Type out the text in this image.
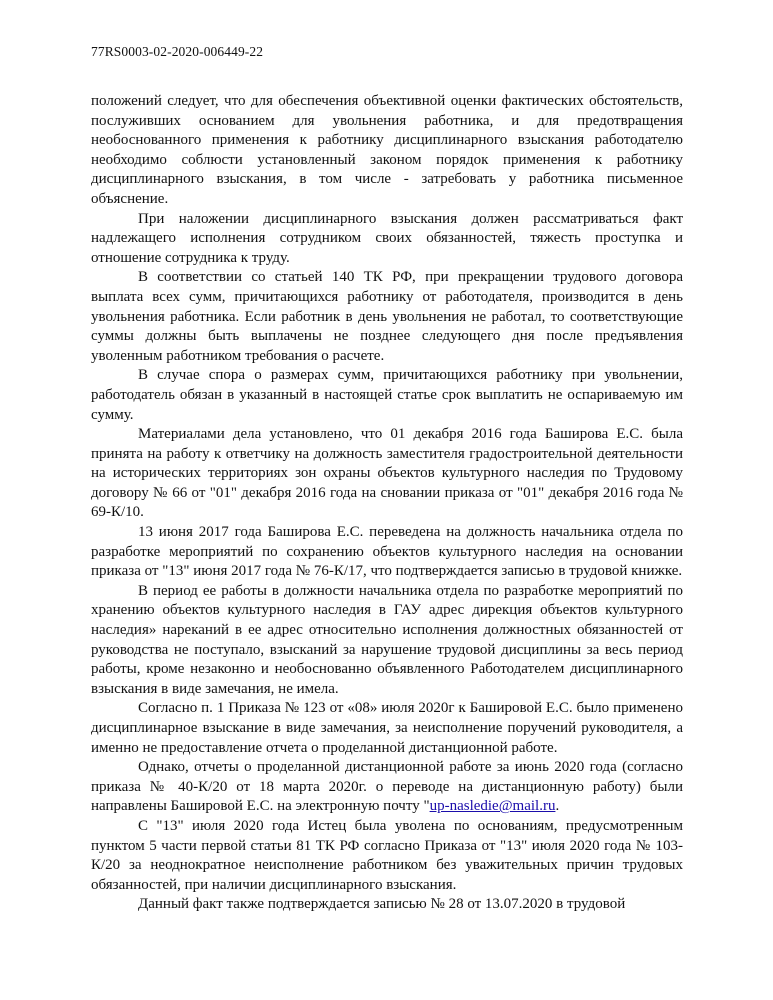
77RS0003-02-2020-006449-22

положений следует, что для обеспечения объективной оценки фактических обстоятельств, послуживших основанием для увольнения работника, и для предотвращения необоснованного применения к работнику дисциплинарного взыскания работодателю необходимо соблюсти установленный законом порядок применения к работнику дисциплинарного взыскания, в том числе - затребовать у работника письменное объяснение.

При наложении дисциплинарного взыскания должен рассматриваться факт надлежащего исполнения сотрудником своих обязанностей, тяжесть проступка и отношение сотрудника к труду.

В соответствии со статьей 140 ТК РФ, при прекращении трудового договора выплата всех сумм, причитающихся работнику от работодателя, производится в день увольнения работника. Если работник в день увольнения не работал, то соответствующие суммы должны быть выплачены не позднее следующего дня после предъявления уволенным работником требования о расчете.

В случае спора о размерах сумм, причитающихся работнику при увольнении, работодатель обязан в указанный в настоящей статье срок выплатить не оспариваемую им сумму.

Материалами дела установлено, что 01 декабря 2016 года Баширова Е.С. была принята на работу к ответчику на должность заместителя градостроительной деятельности на исторических территориях зон охраны объектов культурного наследия по Трудовому договору № 66 от "01" декабря 2016 года на сновании приказа от "01" декабря 2016 года № 69-К/10.

13 июня 2017 года Баширова Е.С. переведена на должность начальника отдела по разработке мероприятий по сохранению объектов культурного наследия на основании приказа от "13" июня 2017 года № 76-К/17, что подтверждается записью в трудовой книжке.

В период ее работы в должности начальника отдела по разработке мероприятий по хранению объектов культурного наследия в ГАУ адрес дирекция объектов культурного наследия» нареканий в ее адрес относительно исполнения должностных обязанностей от руководства не поступало, взысканий за нарушение трудовой дисциплины за весь период работы, кроме незаконно и необоснованно объявленного Работодателем дисциплинарного взыскания в виде замечания, не имела.

Согласно п. 1 Приказа № 123 от «08» июля 2020г к Башировой Е.С. было применено дисциплинарное взыскание в виде замечания, за неисполнение поручений руководителя, а именно не предоставление отчета о проделанной дистанционной работе.

Однако, отчеты о проделанной дистанционной работе за июнь 2020 года (согласно приказа № 40-К/20 от 18 марта 2020г. о переводе на дистанционную работу) были направлены Башировой Е.С. на электронную почту "up-nasledie@mail.ru.

С "13" июля 2020 года Истец была уволена по основаниям, предусмотренным пунктом 5 части первой статьи 81 ТК РФ согласно Приказа от "13" июля 2020 года № 103-К/20 за неоднократное неисполнение работником без уважительных причин трудовых обязанностей, при наличии дисциплинарного взыскания.

Данный факт также подтверждается записью № 28 от 13.07.2020 в трудовой
